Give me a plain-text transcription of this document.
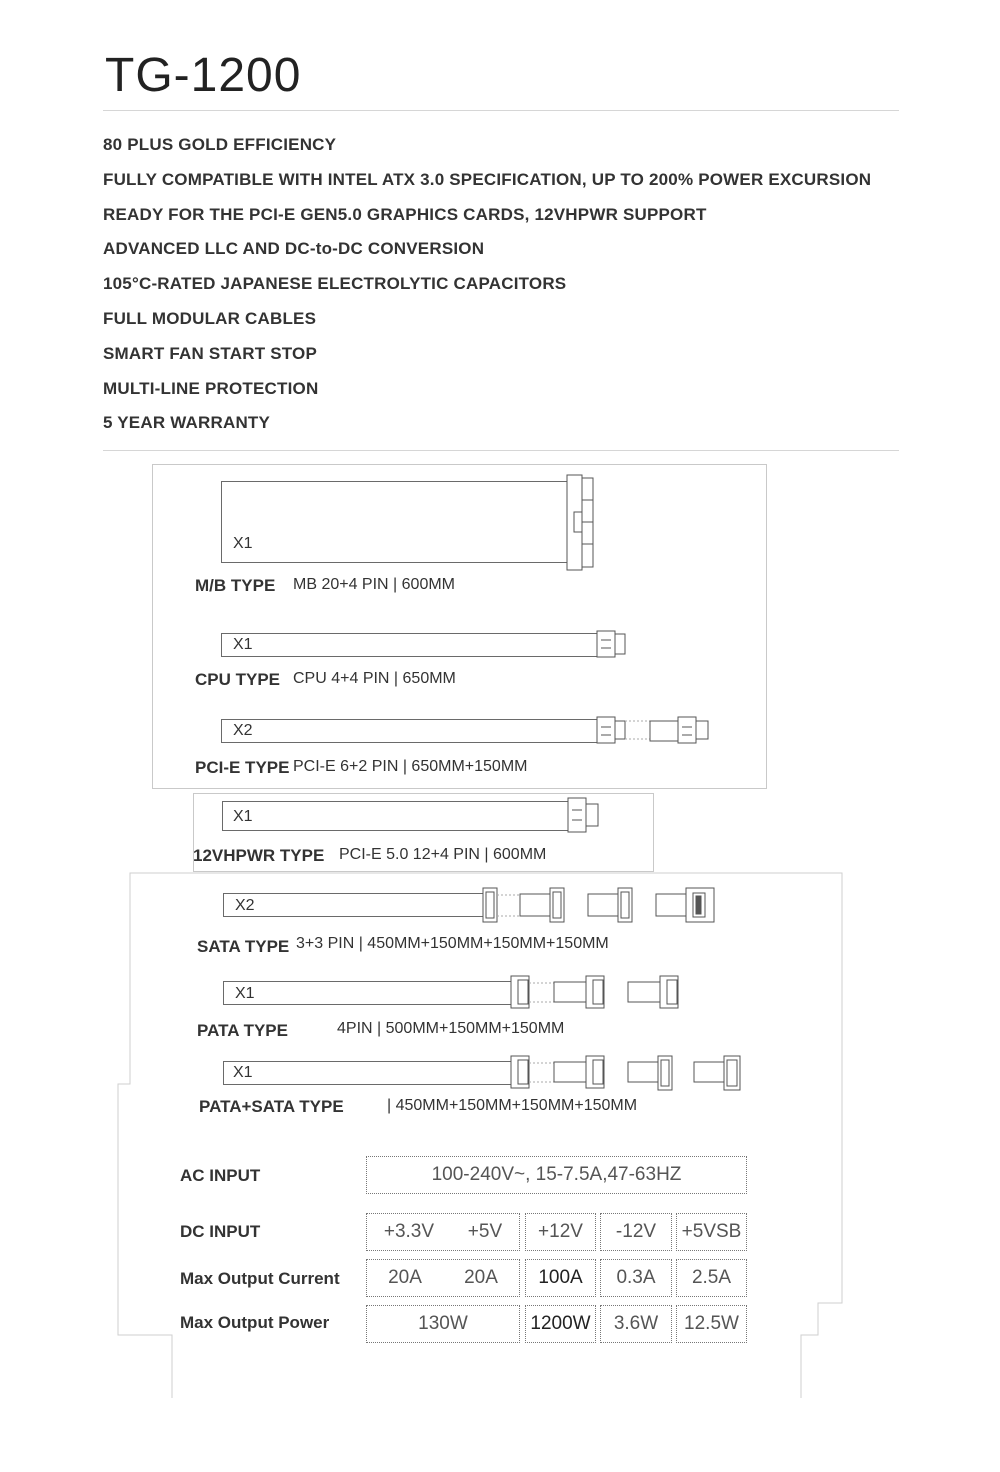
TG-1200
80 PLUS GOLD EFFICIENCY
FULLY COMPATIBLE WITH INTEL ATX 3.0 SPECIFICATION, UP TO 200% POWER EXCURSION
READY FOR THE PCI-E GEN5.0 GRAPHICS CARDS, 12VHPWR SUPPORT
ADVANCED LLC AND DC-to-DC CONVERSION
105°C-RATED JAPANESE ELECTROLYTIC CAPACITORS
FULL MODULAR CABLES
SMART FAN START STOP
MULTI-LINE PROTECTION
5 YEAR WARRANTY
X1
M/B TYPE MB 20+4 PIN | 600MM
X1
CPU TYPE CPU 4+4 PIN | 650MM
X2
PCI-E TYPE PCI-E 6+2 PIN | 650MM+150MM
X1
12VHPWR TYPE PCI-E 5.0 12+4 PIN | 600MM
X2
SATA TYPE 3+3 PIN | 450MM+150MM+150MM+150MM
X1
PATA TYPE	4PIN | 500MM+150MM+150MM
X1
PATA+SATA TYPE	| 450MM+150MM+150MM+150MM
AC INPUT	100-240V~, 15-7.5A,47-63HZ
DC INPUT	+3.3V +5V +12V -12V +5VSB
Max Output Current	20A 20A 100A 0.3A 2.5A
Max Output Power	130W	1200W 3.6W 12.5W
